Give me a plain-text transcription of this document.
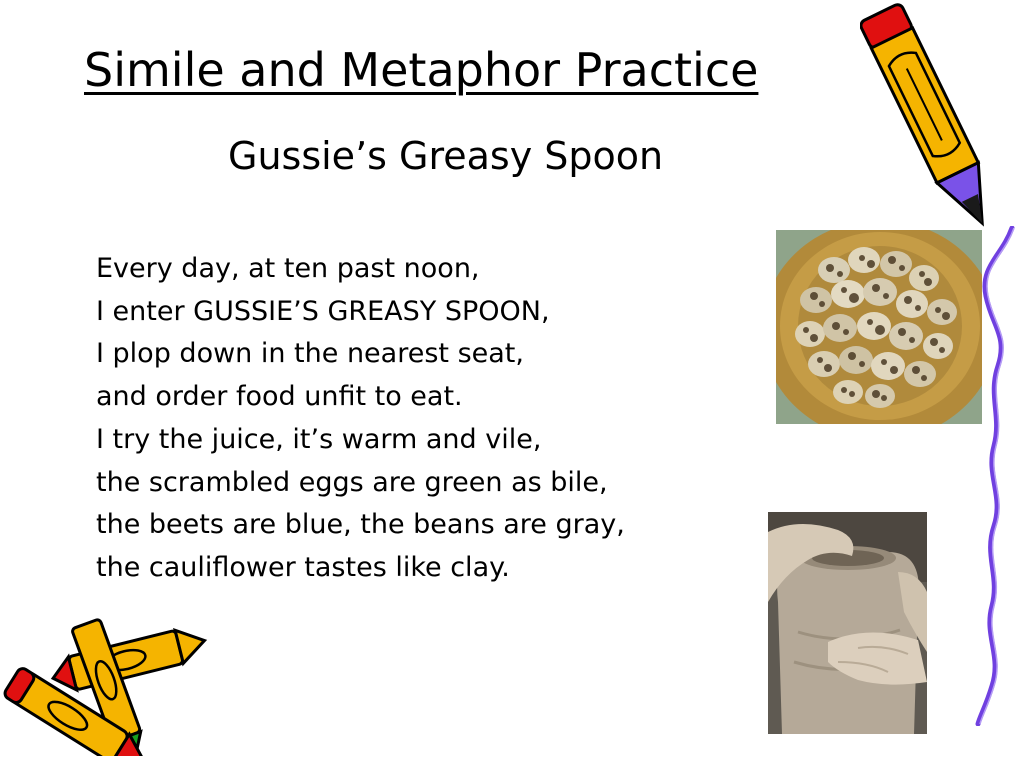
Simile and Metaphor Practice
Gussie’s Greasy Spoon
Every day, at ten past noon,
I enter GUSSIE’S GREASY SPOON,
I plop down in the nearest seat,
and order food unfit to eat.
I try the juice, it’s warm and vile,
the scrambled eggs are green as bile,
the beets are blue, the beans are gray,
the cauliflower tastes like clay.
